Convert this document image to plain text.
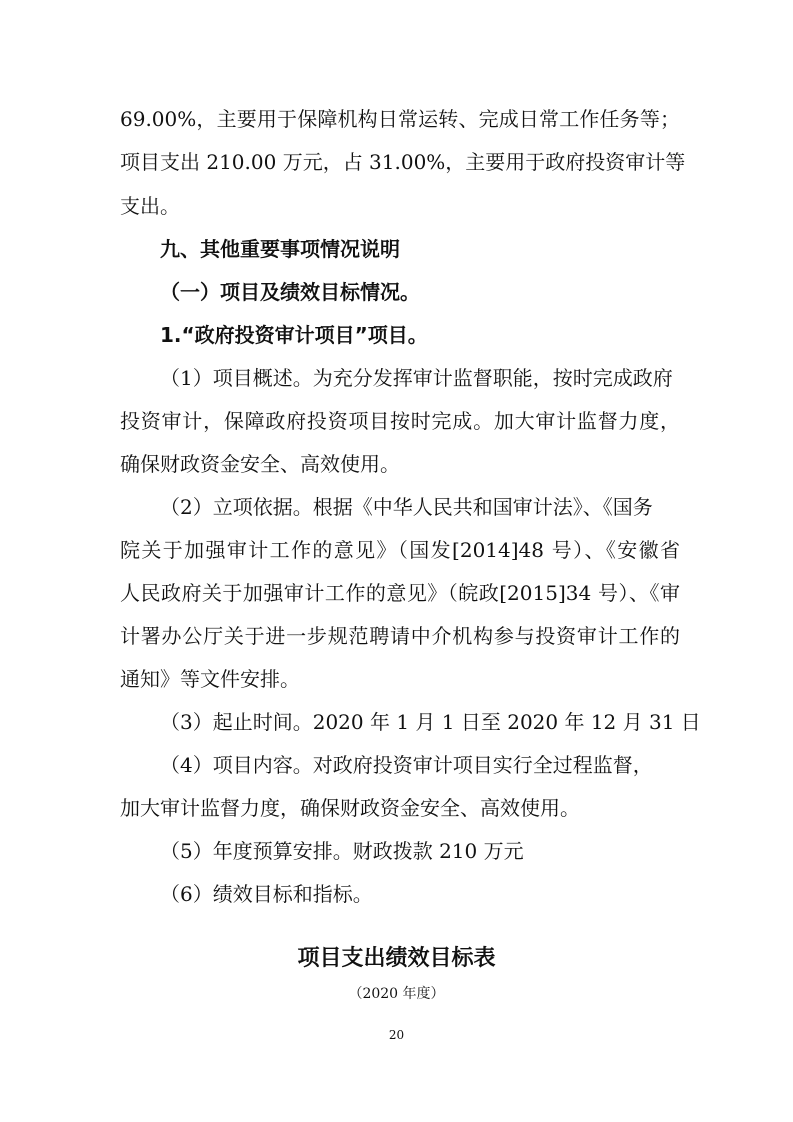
69.00%，主要用于保障机构日常运转、完成日常工作任务等；
项目支出 210.00 万元，占 31.00%，主要用于政府投资审计等
支出。
九、其他重要事项情况说明
（一）项目及绩效目标情况。
1.“政府投资审计项目”项目。
（1）项目概述。为充分发挥审计监督职能，按时完成政府
投资审计，保障政府投资项目按时完成。加大审计监督力度，
确保财政资金安全、高效使用。
（2）立项依据。根据《中华人民共和国审计法》、《国务
院关于加强审计工作的意见》（国发[2014]48 号）、《安徽省
人民政府关于加强审计工作的意见》（皖政[2015]34 号）、《审
计署办公厅关于进一步规范聘请中介机构参与投资审计工作的
通知》等文件安排。
（3）起止时间。2020 年 1 月 1 日至 2020 年 12 月 31 日
（4）项目内容。对政府投资审计项目实行全过程监督，
加大审计监督力度，确保财政资金安全、高效使用。
（5）年度预算安排。财政拨款 210 万元
（6）绩效目标和指标。
项目支出绩效目标表
（2020 年度）
20
